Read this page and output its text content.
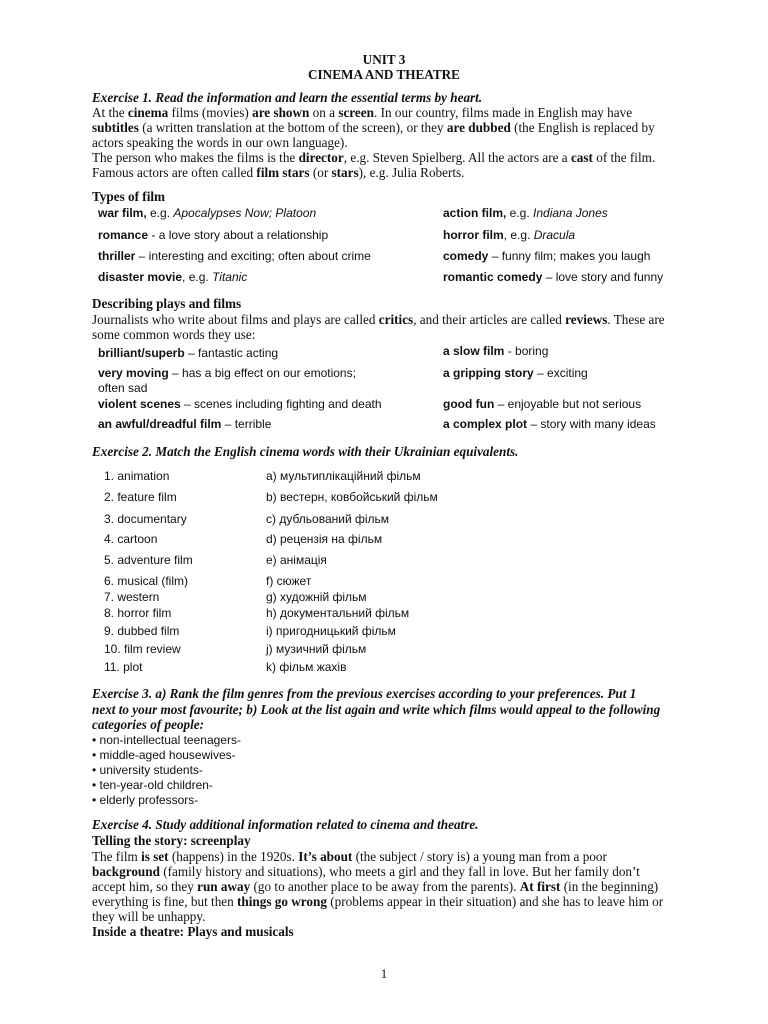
UNIT 3
CINEMA AND THEATRE
Exercise 1. Read the information and learn the essential terms by heart.
At the cinema films (movies) are shown on a screen. In our country, films made in English may have
subtitles (a written translation at the bottom of the screen), or they are dubbed (the English is replaced by
actors speaking the words in our own language).
The person who makes the films is the director, e.g. Steven Spielberg. All the actors are a cast of the film.
Famous actors are often called film stars (or stars), e.g. Julia Roberts.
Types of film
war film, e.g. Apocalypses Now; Platoon
romance - a love story about a relationship
thriller – interesting and exciting; often about crime
disaster movie, e.g. Titanic
action film, e.g. Indiana Jones
horror film, e.g. Dracula
comedy – funny film; makes you laugh
romantic comedy – love story and funny
Describing plays and films
Journalists who write about films and plays are called critics, and their articles are called reviews. These are
some common words they use:
brilliant/superb – fantastic acting
very moving – has a big effect on our emotions;
often sad
violent scenes – scenes including fighting and death
an awful/dreadful film – terrible
a slow film - boring
a gripping story – exciting
good fun – enjoyable but not serious
a complex plot – story with many ideas
Exercise 2. Match the English cinema words with their Ukrainian equivalents.
1. animation
2. feature film
3. documentary
4. cartoon
5. adventure film
6. musical (film)
7. western
8. horror film
9. dubbed film
10. film review
11. plot
a) мультиплікаційний фільм
b) вестерн, ковбойський фільм
c) дубльований фільм
d) рецензія на фільм
e) анімація
f) сюжет
g) художній фільм
h) документальний фільм
i) пригодницький фільм
j) музичний фільм
k) фільм жахів
Exercise 3. a) Rank the film genres from the previous exercises according to your preferences. Put 1
next to your most favourite; b) Look at the list again and write which films would appeal to the following
categories of people:
• non-intellectual teenagers-
• middle-aged housewives-
• university students-
• ten-year-old children-
• elderly professors-
Exercise 4. Study additional information related to cinema and theatre.
Telling the story: screenplay
The film is set (happens) in the 1920s. It’s about (the subject / story is) a young man from a poor
background (family history and situations), who meets a girl and they fall in love. But her family don’t
accept him, so they run away (go to another place to be away from the parents). At first (in the beginning)
everything is fine, but then things go wrong (problems appear in their situation) and she has to leave him or
they will be unhappy.
Inside a theatre: Plays and musicals
1
